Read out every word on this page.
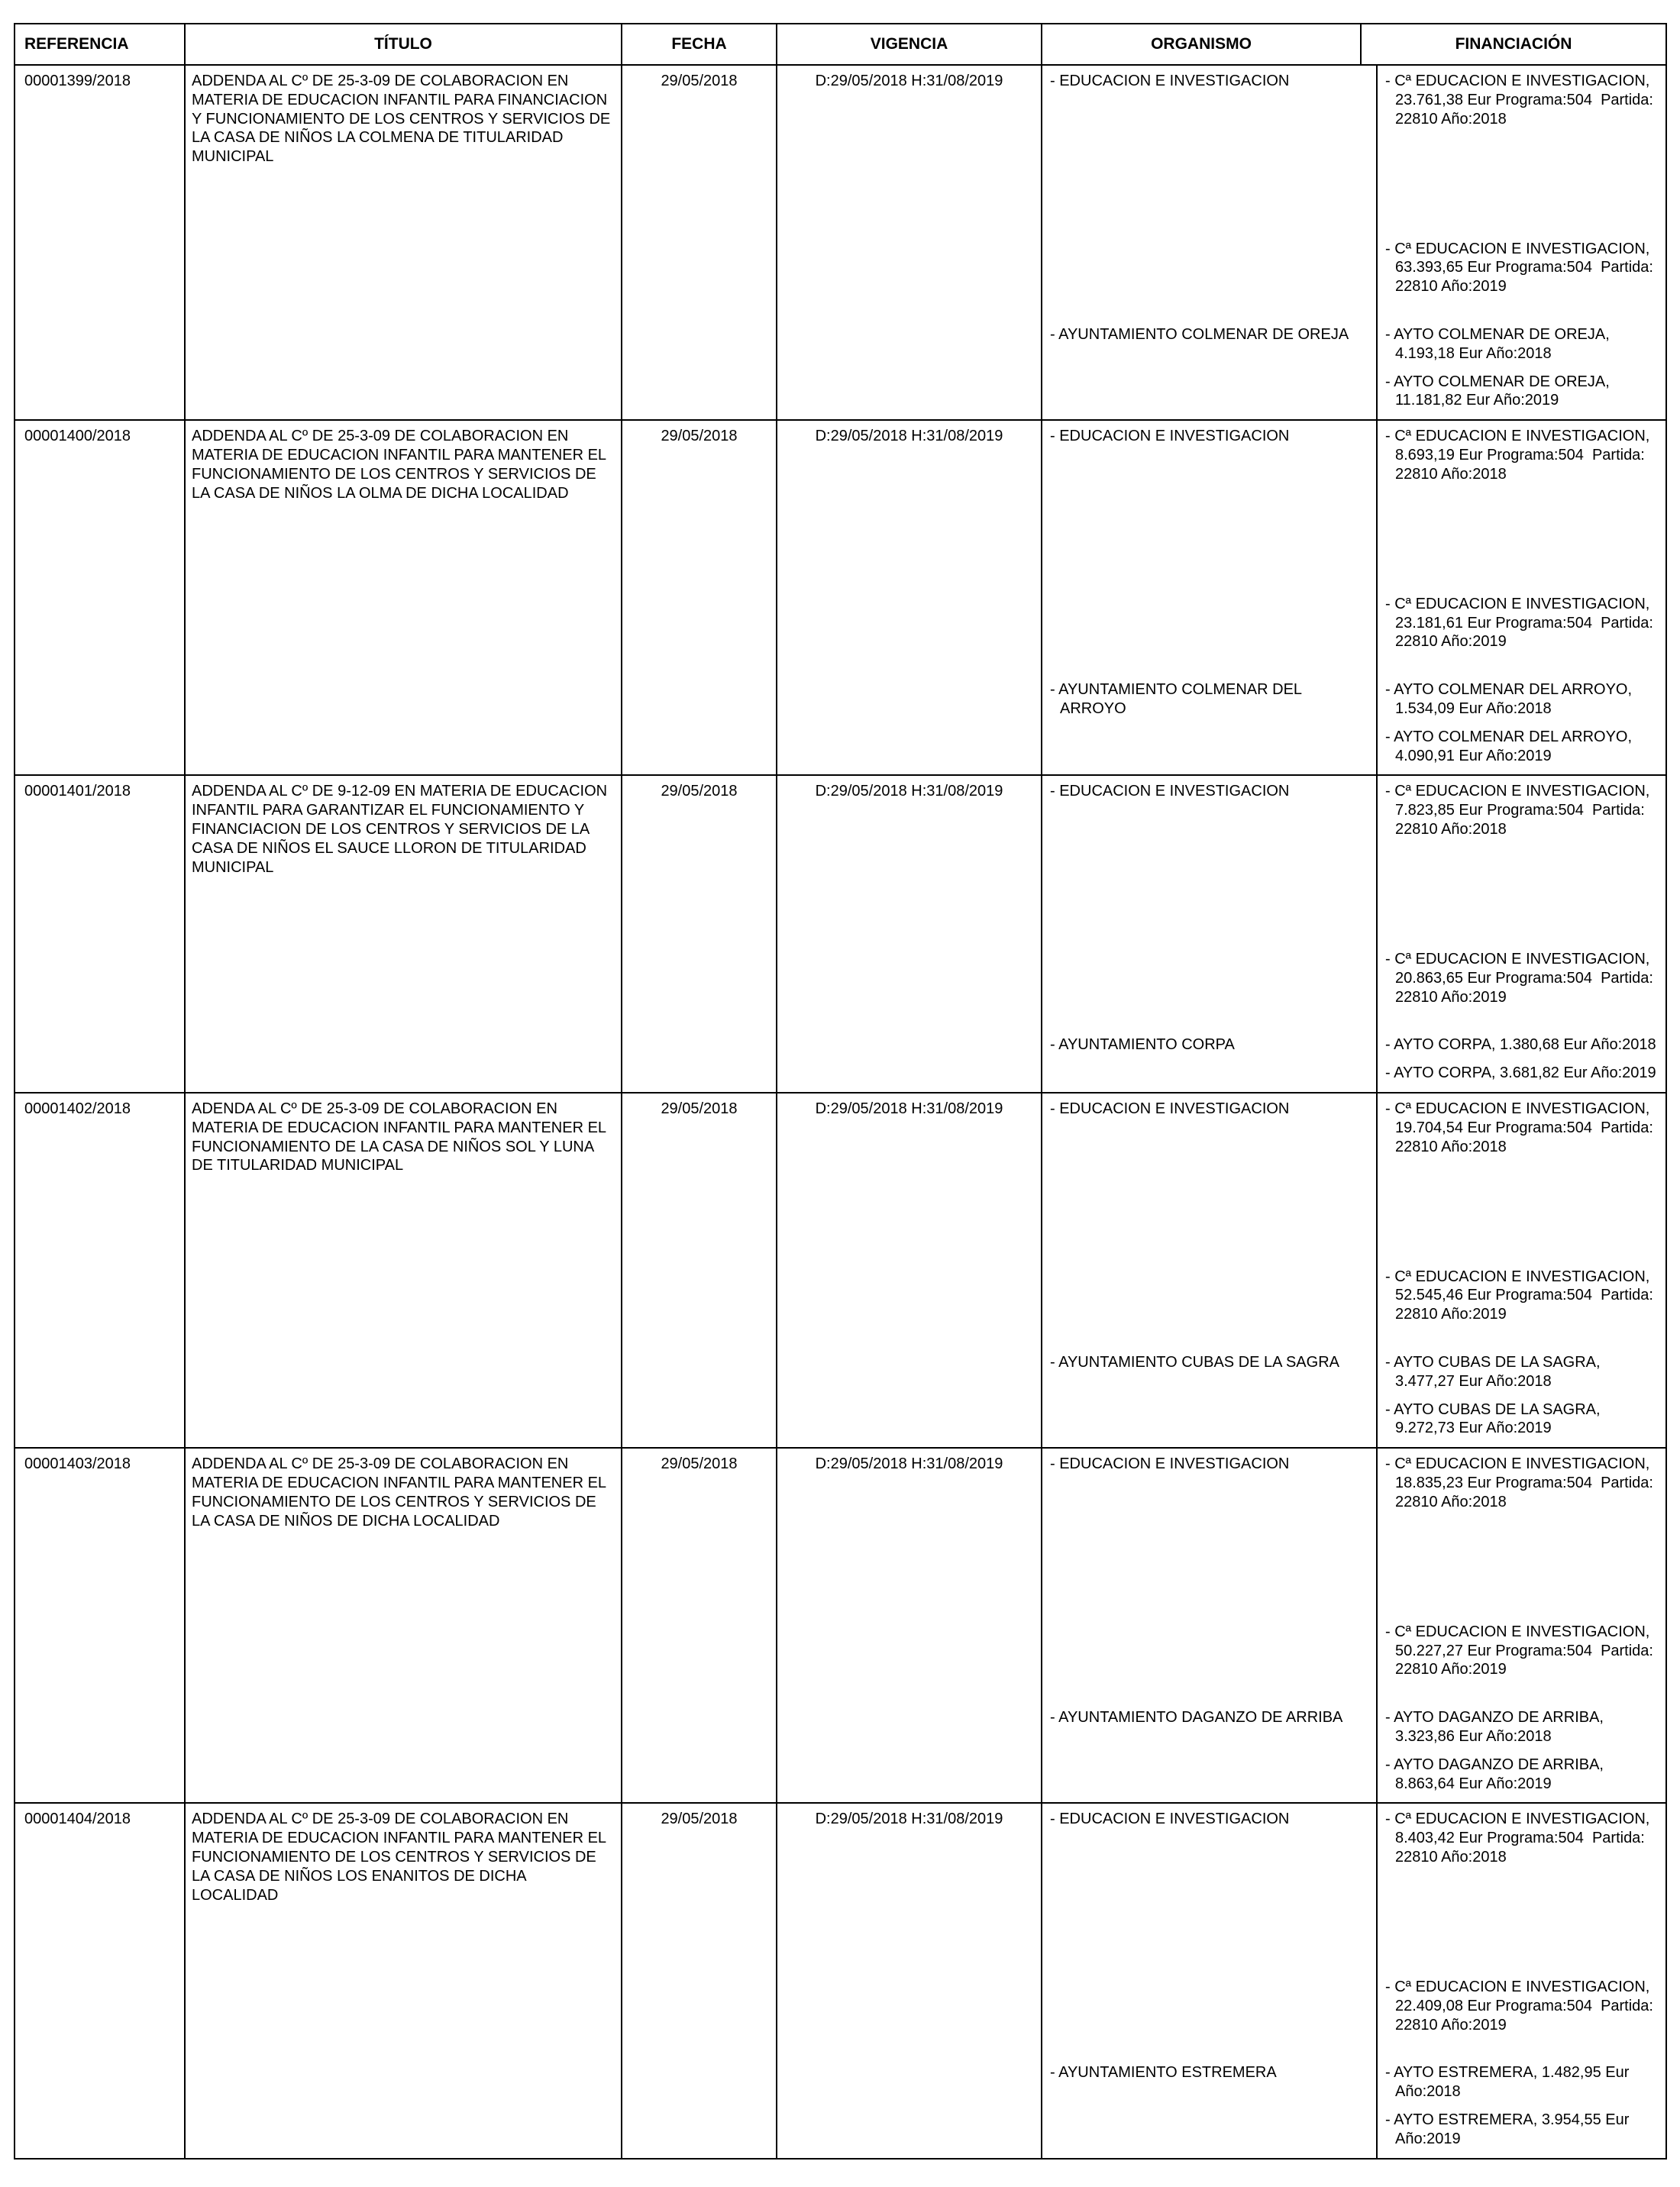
REFERENCIA	TÍTULO	FECHA	VIGENCIA	ORGANISMO	FINANCIACIÓN
00001399/2018	ADDENDA AL Cº DE 25-3-09 DE COLABORACION EN MATERIA DE EDUCACION INFANTIL PARA FINANCIACION Y FUNCIONAMIENTO DE LOS CENTROS Y SERVICIOS DE LA CASA DE NIÑOS LA COLMENA DE TITULARIDAD MUNICIPAL	29/05/2018	D:29/05/2018 H:31/08/2019	- EDUCACION E INVESTIGACION	- Cª EDUCACION E INVESTIGACION, 23.761,38 Eur Programa:504  Partida: 22810 Año:2018
- Cª EDUCACION E INVESTIGACION, 63.393,65 Eur Programa:504  Partida: 22810 Año:2019
- AYUNTAMIENTO COLMENAR DE OREJA	- AYTO COLMENAR DE OREJA, 4.193,18 Eur Año:2018
- AYTO COLMENAR DE OREJA, 11.181,82 Eur Año:2019

00001400/2018	ADDENDA AL Cº DE 25-3-09 DE COLABORACION EN MATERIA DE EDUCACION INFANTIL PARA MANTENER EL FUNCIONAMIENTO DE LOS CENTROS Y SERVICIOS DE LA CASA DE NIÑOS LA OLMA DE DICHA LOCALIDAD	29/05/2018	D:29/05/2018 H:31/08/2019	- EDUCACION E INVESTIGACION	- Cª EDUCACION E INVESTIGACION, 8.693,19 Eur Programa:504  Partida: 22810 Año:2018
- Cª EDUCACION E INVESTIGACION, 23.181,61 Eur Programa:504  Partida: 22810 Año:2019
- AYUNTAMIENTO COLMENAR DEL ARROYO
- AYTO COLMENAR DEL ARROYO, 1.534,09 Eur Año:2018
- AYTO COLMENAR DEL ARROYO, 4.090,91 Eur Año:2019

00001401/2018	ADDENDA AL Cº DE 9-12-09 EN MATERIA DE EDUCACION INFANTIL PARA GARANTIZAR EL FUNCIONAMIENTO Y FINANCIACION DE LOS CENTROS Y SERVICIOS DE LA CASA DE NIÑOS EL SAUCE LLORON DE TITULARIDAD MUNICIPAL	29/05/2018	D:29/05/2018 H:31/08/2019	- EDUCACION E INVESTIGACION	- Cª EDUCACION E INVESTIGACION, 7.823,85 Eur Programa:504  Partida: 22810 Año:2018
- Cª EDUCACION E INVESTIGACION, 20.863,65 Eur Programa:504  Partida: 22810 Año:2019
- AYUNTAMIENTO CORPA	- AYTO CORPA, 1.380,68 Eur Año:2018
- AYTO CORPA, 3.681,82 Eur Año:2019

00001402/2018	ADENDA AL Cº DE 25-3-09 DE COLABORACION EN MATERIA DE EDUCACION INFANTIL PARA MANTENER EL FUNCIONAMIENTO DE LA CASA DE NIÑOS SOL Y LUNA DE TITULARIDAD MUNICIPAL	29/05/2018	D:29/05/2018 H:31/08/2019	- EDUCACION E INVESTIGACION	- Cª EDUCACION E INVESTIGACION, 19.704,54 Eur Programa:504  Partida: 22810 Año:2018
- Cª EDUCACION E INVESTIGACION, 52.545,46 Eur Programa:504  Partida: 22810 Año:2019
- AYUNTAMIENTO CUBAS DE LA SAGRA	- AYTO CUBAS DE LA SAGRA, 3.477,27 Eur Año:2018
- AYTO CUBAS DE LA SAGRA, 9.272,73 Eur Año:2019

00001403/2018	ADDENDA AL Cº DE 25-3-09 DE COLABORACION EN MATERIA DE EDUCACION INFANTIL PARA MANTENER EL FUNCIONAMIENTO DE LOS CENTROS Y SERVICIOS DE LA CASA DE NIÑOS DE DICHA LOCALIDAD	29/05/2018	D:29/05/2018 H:31/08/2019	- EDUCACION E INVESTIGACION	- Cª EDUCACION E INVESTIGACION, 18.835,23 Eur Programa:504  Partida: 22810 Año:2018
- Cª EDUCACION E INVESTIGACION, 50.227,27 Eur Programa:504  Partida: 22810 Año:2019
- AYUNTAMIENTO DAGANZO DE ARRIBA	- AYTO DAGANZO DE ARRIBA, 3.323,86 Eur Año:2018
- AYTO DAGANZO DE ARRIBA, 8.863,64 Eur Año:2019

00001404/2018	ADDENDA AL Cº DE 25-3-09 DE COLABORACION EN MATERIA DE EDUCACION INFANTIL PARA MANTENER EL FUNCIONAMIENTO DE LOS CENTROS Y SERVICIOS DE LA CASA DE NIÑOS LOS ENANITOS DE DICHA LOCALIDAD	29/05/2018	D:29/05/2018 H:31/08/2019	- EDUCACION E INVESTIGACION	- Cª EDUCACION E INVESTIGACION, 8.403,42 Eur Programa:504  Partida: 22810 Año:2018
- Cª EDUCACION E INVESTIGACION, 22.409,08 Eur Programa:504  Partida: 22810 Año:2019
- AYUNTAMIENTO ESTREMERA	- AYTO ESTREMERA, 1.482,95 Eur Año:2018
- AYTO ESTREMERA, 3.954,55 Eur Año:2019
